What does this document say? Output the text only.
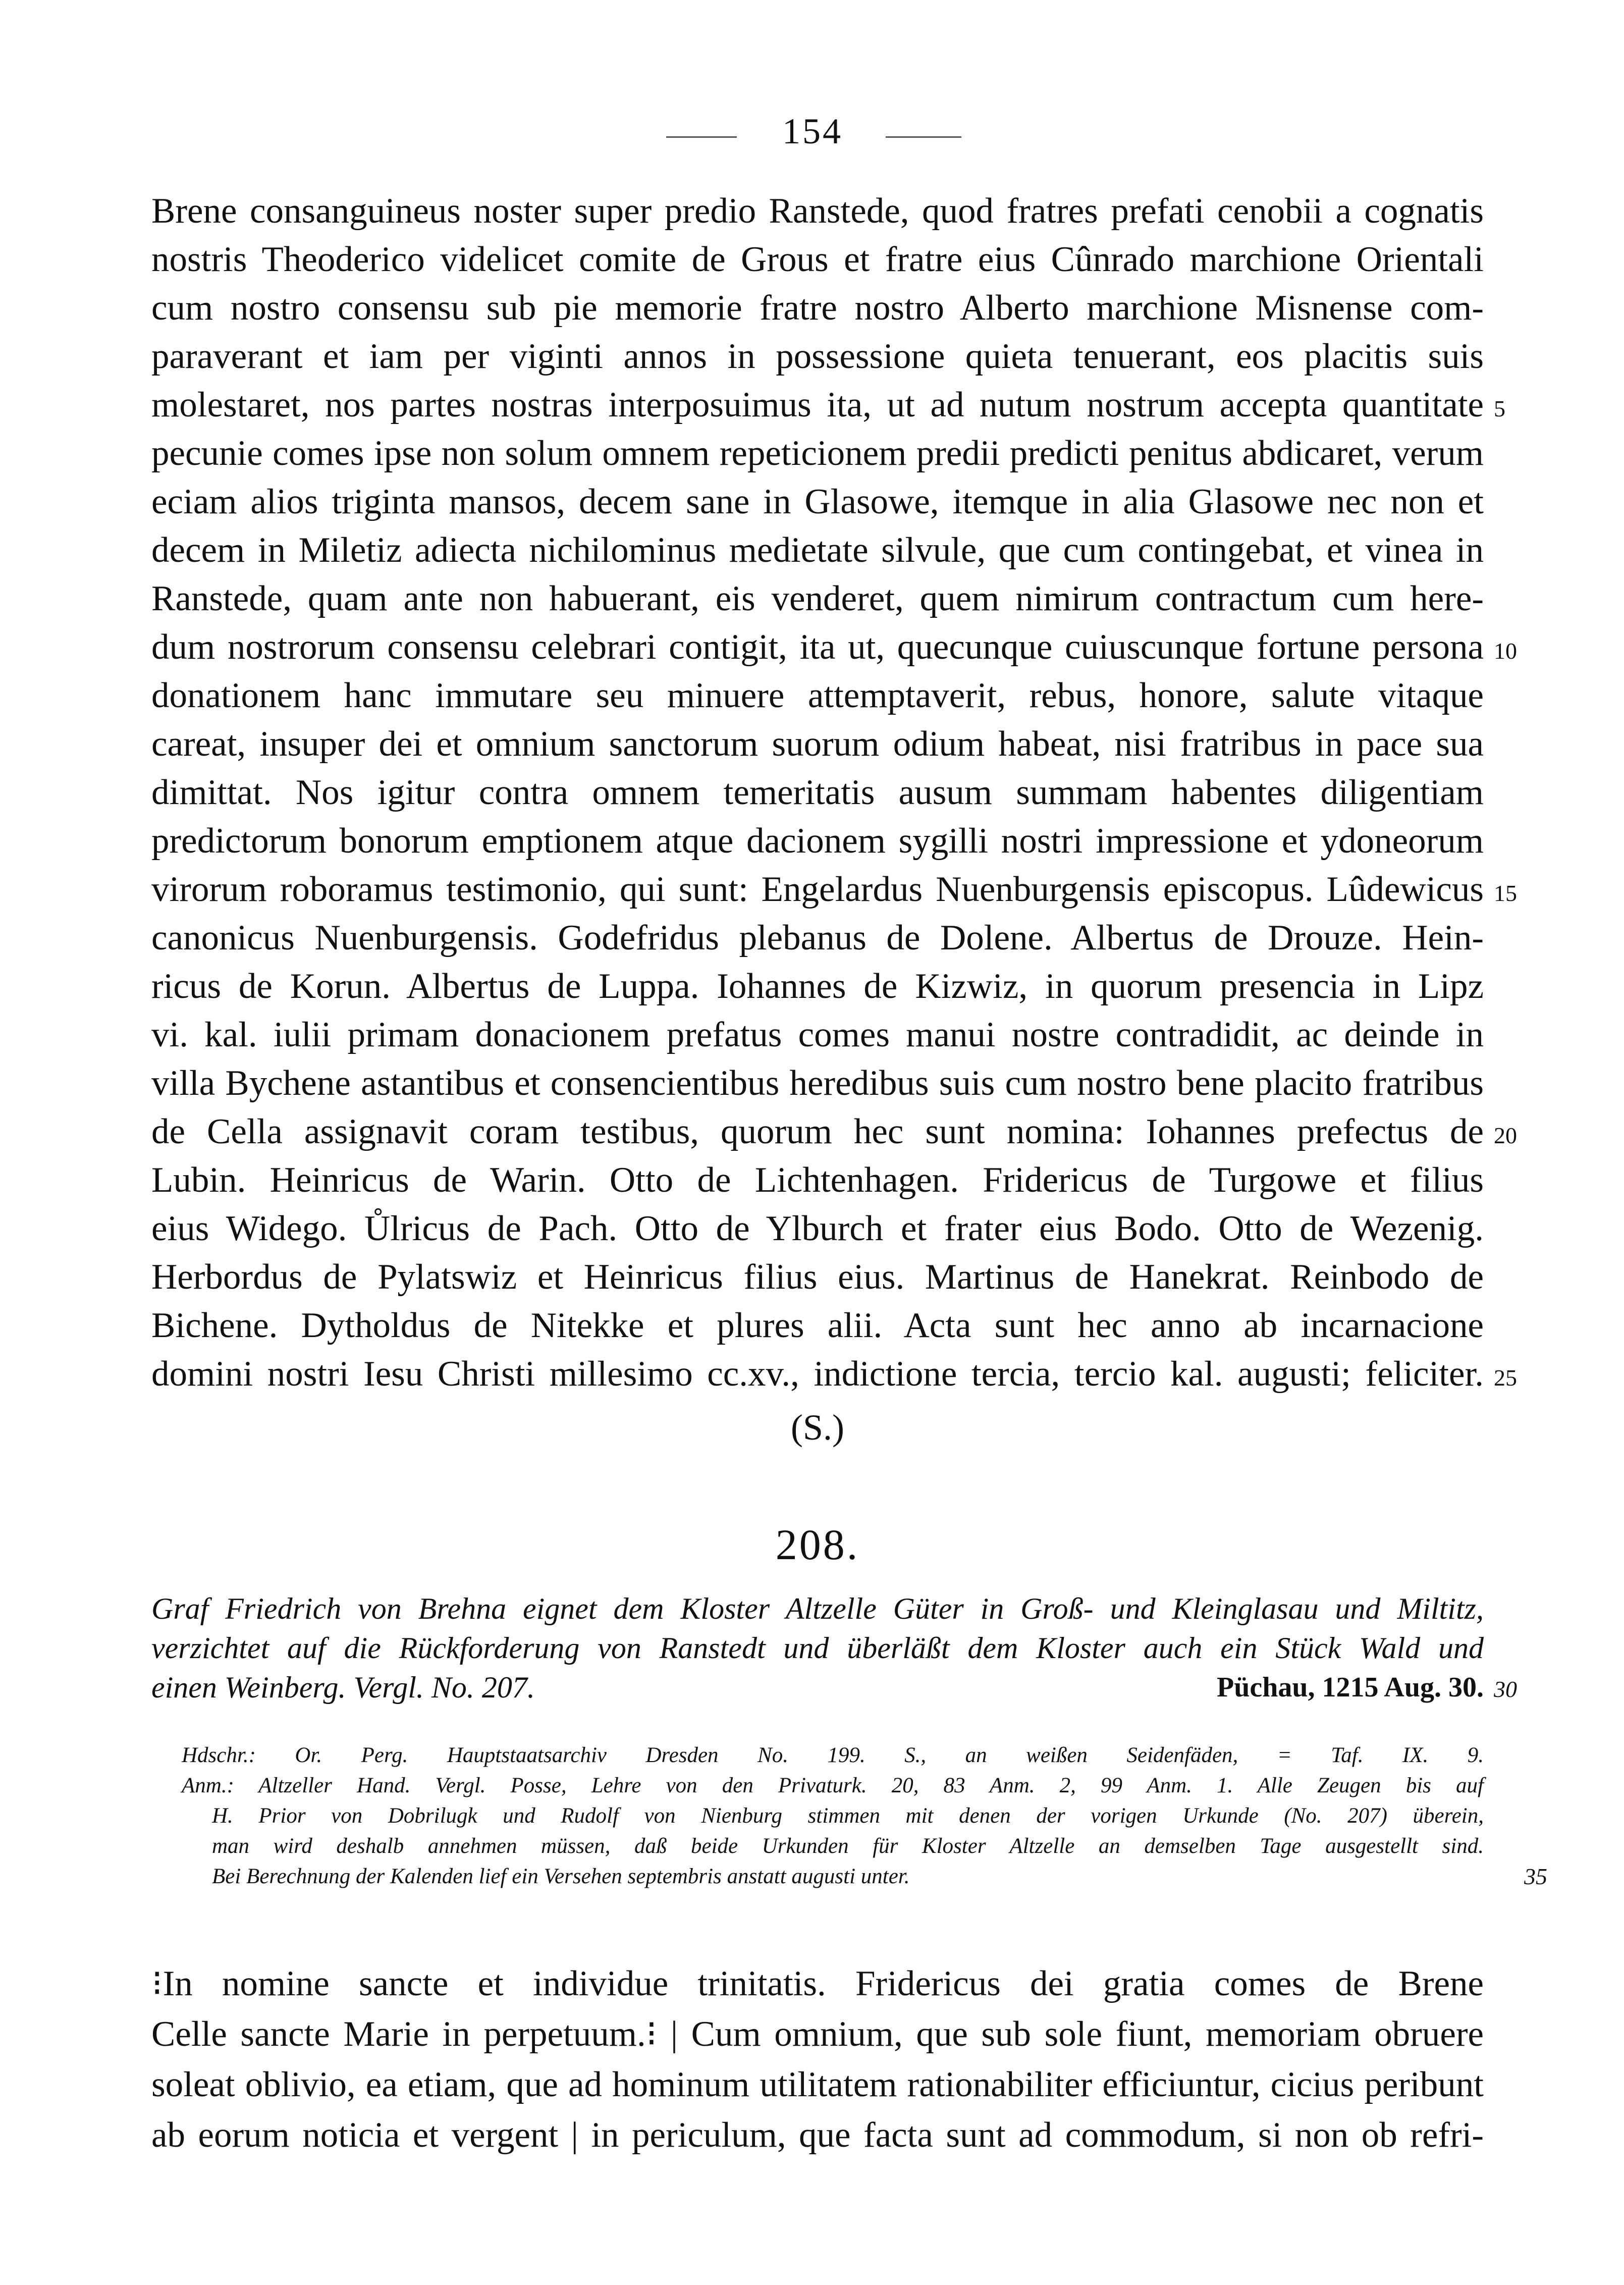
154
Brene consanguineus noster super predio Ranstede, quod fratres prefati cenobii a cognatis
nostris Theoderico videlicet comite de Grous et fratre eius Cûnrado marchione Orientali
cum nostro consensu sub pie memorie fratre nostro Alberto marchione Misnense com-
paraverant et iam per viginti annos in possessione quieta tenuerant, eos placitis suis
molestaret, nos partes nostras interposuimus ita, ut ad nutum nostrum accepta quantitate 5
pecunie comes ipse non solum omnem repeticionem predii predicti penitus abdicaret, verum
eciam alios triginta mansos, decem sane in Glasowe, itemque in alia Glasowe nec non et
decem in Miletiz adiecta nichilominus medietate silvule, que cum contingebat, et vinea in
Ranstede, quam ante non habuerant, eis venderet, quem nimirum contractum cum here-
dum nostrorum consensu celebrari contigit, ita ut, quecunque cuiuscunque fortune persona 10
donationem hanc immutare seu minuere attemptaverit, rebus, honore, salute vitaque
careat, insuper dei et omnium sanctorum suorum odium habeat, nisi fratribus in pace sua
dimittat. Nos igitur contra omnem temeritatis ausum summam habentes diligentiam
predictorum bonorum emptionem atque dacionem sygilli nostri impressione et ydoneorum
virorum roboramus testimonio, qui sunt: Engelardus Nuenburgensis episcopus. Lûdewicus 15
canonicus Nuenburgensis. Godefridus plebanus de Dolene. Albertus de Drouze. Hein-
ricus de Korun. Albertus de Luppa. Iohannes de Kizwiz, in quorum presencia in Lipz
vi. kal. iulii primam donacionem prefatus comes manui nostre contradidit, ac deinde in
villa Bychene astantibus et consencientibus heredibus suis cum nostro bene placito fratribus
de Cella assignavit coram testibus, quorum hec sunt nomina: Iohannes prefectus de 20
Lubin. Heinricus de Warin. Otto de Lichtenhagen. Fridericus de Turgowe et filius
eius Widego. Ůlricus de Pach. Otto de Ylburch et frater eius Bodo. Otto de Wezenig.
Herbordus de Pylatswiz et Heinricus filius eius. Martinus de Hanekrat. Reinbodo de
Bichene. Dytholdus de Nitekke et plures alii. Acta sunt hec anno ab incarnacione
domini nostri Iesu Christi millesimo cc.xv., indictione tercia, tercio kal. augusti; feliciter. 25
(S.)
208.
Graf Friedrich von Brehna eignet dem Kloster Altzelle Güter in Groß- und Kleinglasau und Miltitz,
verzichtet auf die Rückforderung von Ranstedt und überläßt dem Kloster auch ein Stück Wald und
einen Weinberg. Vergl. No. 207.	Püchau, 1215 Aug. 30. 30
Hdschr.: Or. Perg. Hauptstaatsarchiv Dresden No. 199. S., an weißen Seidenfäden, = Taf. IX. 9.
Anm.: Altzeller Hand. Vergl. Posse, Lehre von den Privaturk. 20, 83 Anm. 2, 99 Anm. 1. Alle Zeugen bis auf
H. Prior von Dobrilugk und Rudolf von Nienburg stimmen mit denen der vorigen Urkunde (No. 207) überein,
man wird deshalb annehmen müssen, daß beide Urkunden für Kloster Altzelle an demselben Tage ausgestellt sind.
Bei Berechnung der Kalenden lief ein Versehen septembris anstatt augusti unter.	35
⁝In nomine sancte et individue trinitatis. Fridericus dei gratia comes de Brene
Celle sancte Marie in perpetuum.⁝ | Cum omnium, que sub sole fiunt, memoriam obruere
soleat oblivio, ea etiam, que ad hominum utilitatem rationabiliter efficiuntur, cicius peribunt
ab eorum noticia et vergent | in periculum, que facta sunt ad commodum, si non ob refri-
